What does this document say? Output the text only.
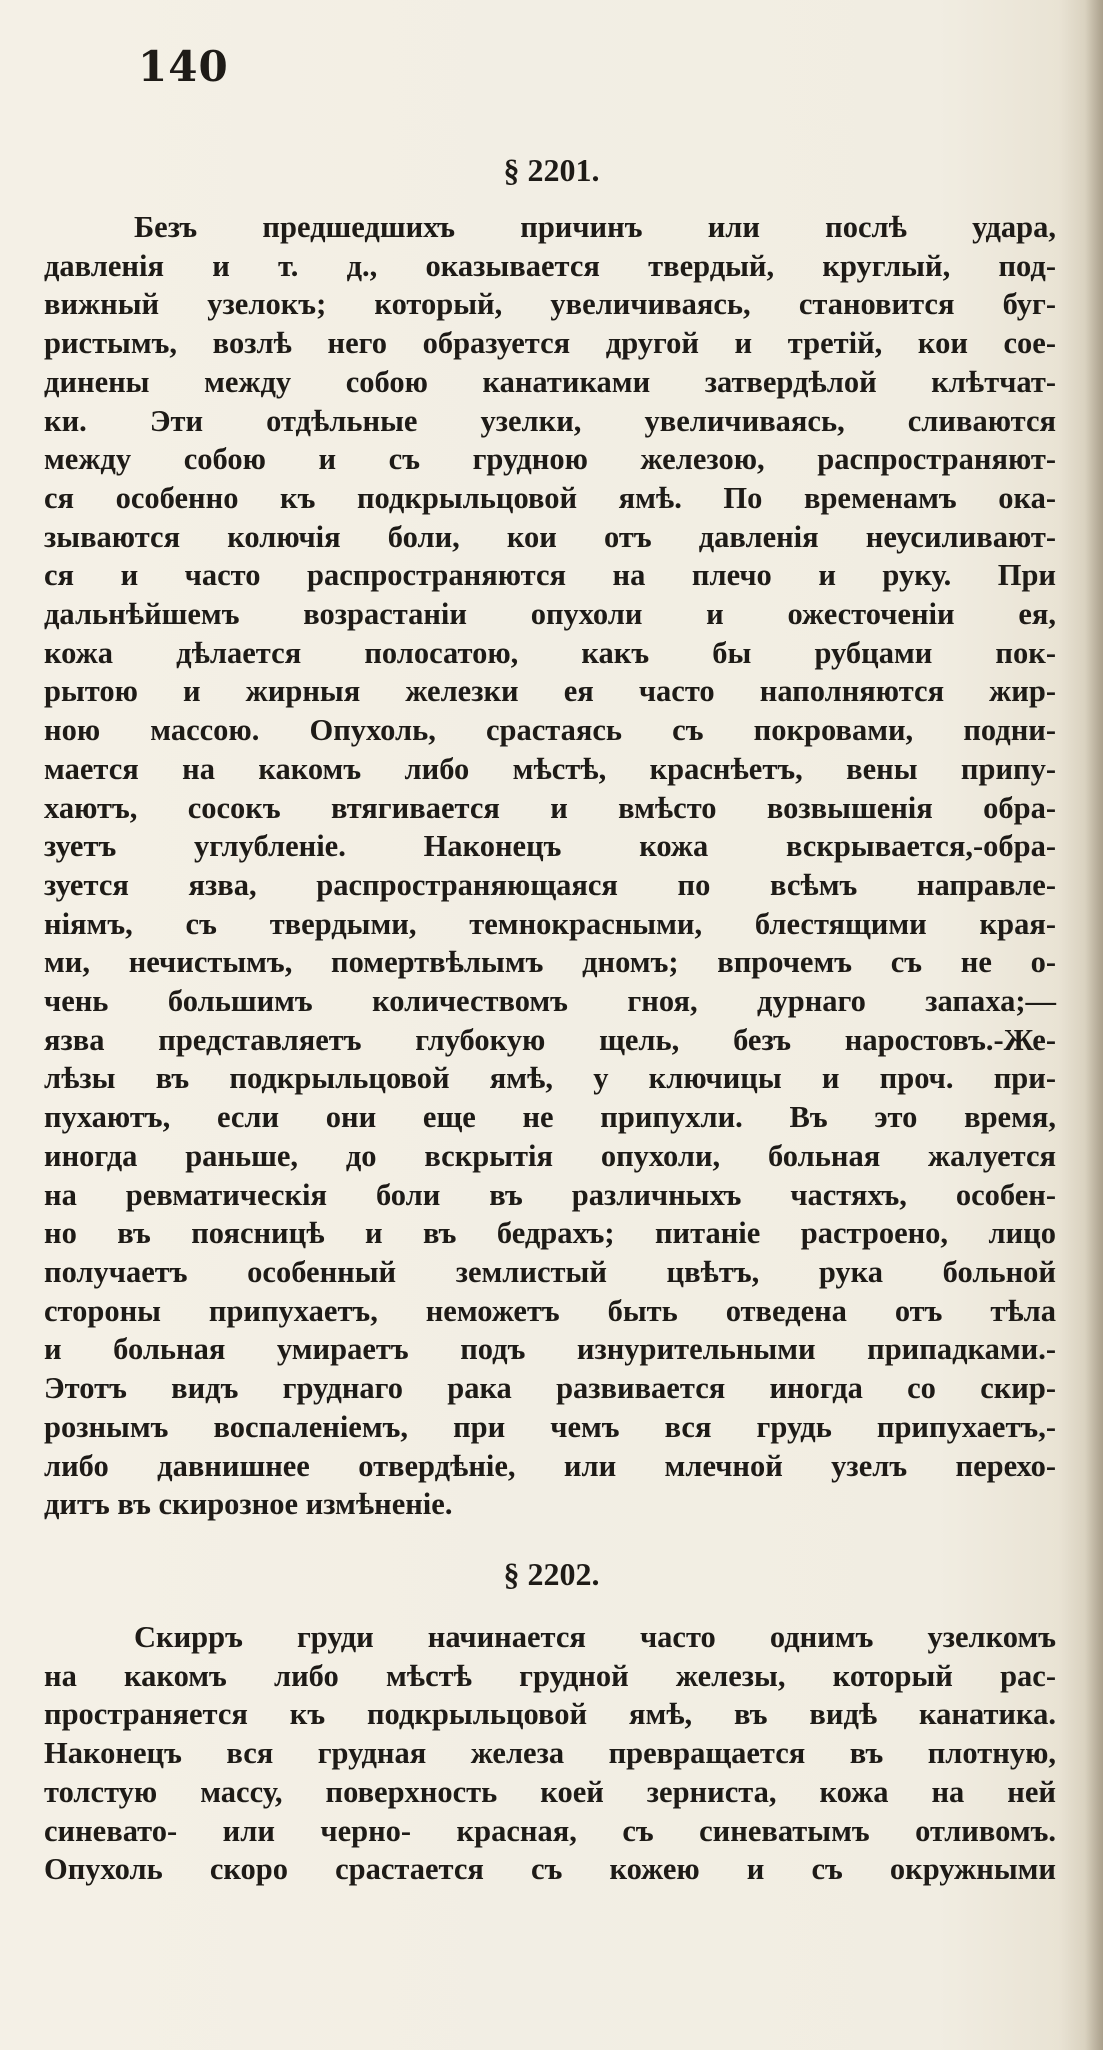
140
§ 2201.
Безъ предшедшихъ причинъ или послѣ удара,
давленія и т. д., оказывается твердый, круглый, под-
вижный узелокъ; который, увеличиваясь, становится буг-
ристымъ, возлѣ него образуется другой и третій, кои сое-
динены между собою канатиками затвердѣлой клѣтчат-
ки. Эти отдѣльные узелки, увеличиваясь, сливаются
между собою и съ грудною железою, распространяют-
ся особенно къ подкрыльцовой ямѣ. По временамъ ока-
зываются колючія боли, кои отъ давленія неусиливают-
ся и часто распространяются на плечо и руку. При
дальнѣйшемъ возрастаніи опухоли и ожесточеніи ея,
кожа дѣлается полосатою, какъ бы рубцами пок-
рытою и жирныя железки ея часто наполняются жир-
ною массою. Опухоль, срастаясь съ покровами, подни-
мается на какомъ либо мѣстѣ, краснѣетъ, вены припу-
хаютъ, сосокъ втягивается и вмѣсто возвышенія обра-
зуетъ углубленіе. Наконецъ кожа вскрывается,-обра-
зуется язва, распространяющаяся по всѣмъ направле-
ніямъ, съ твердыми, темнокрасными, блестящими края-
ми, нечистымъ, помертвѣлымъ дномъ; впрочемъ съ не о-
чень большимъ количествомъ гноя, дурнаго запаха;—
язва представляетъ глубокую щель, безъ наростовъ.-Же-
лѣзы въ подкрыльцовой ямѣ, у ключицы и проч. при-
пухаютъ, если они еще не припухли. Въ это время,
иногда раньше, до вскрытія опухоли, больная жалуется
на ревматическія боли въ различныхъ частяхъ, особен-
но въ поясницѣ и въ бедрахъ; питаніе растроено, лицо
получаетъ особенный землистый цвѣтъ, рука больной
стороны припухаетъ, неможетъ быть отведена отъ тѣла
и больная умираетъ подъ изнурительными припадками.-
Этотъ видъ груднаго рака развивается иногда со скир-
рознымъ воспаленіемъ, при чемъ вся грудь припухаетъ,-
либо давнишнее отвердѣніе, или млечной узелъ перехо-
дитъ въ скирозное измѣненіе.
§ 2202.
Скирръ груди начинается часто однимъ узелкомъ
на какомъ либо мѣстѣ грудной железы, который рас-
пространяется къ подкрыльцовой ямѣ, въ видѣ канатика.
Наконецъ вся грудная железа превращается въ плотную,
толстую массу, поверхность коей зерниста, кожа на ней
синевато- или черно- красная, съ синеватымъ отливомъ.
Опухоль скоро срастается съ кожею и съ окружными
